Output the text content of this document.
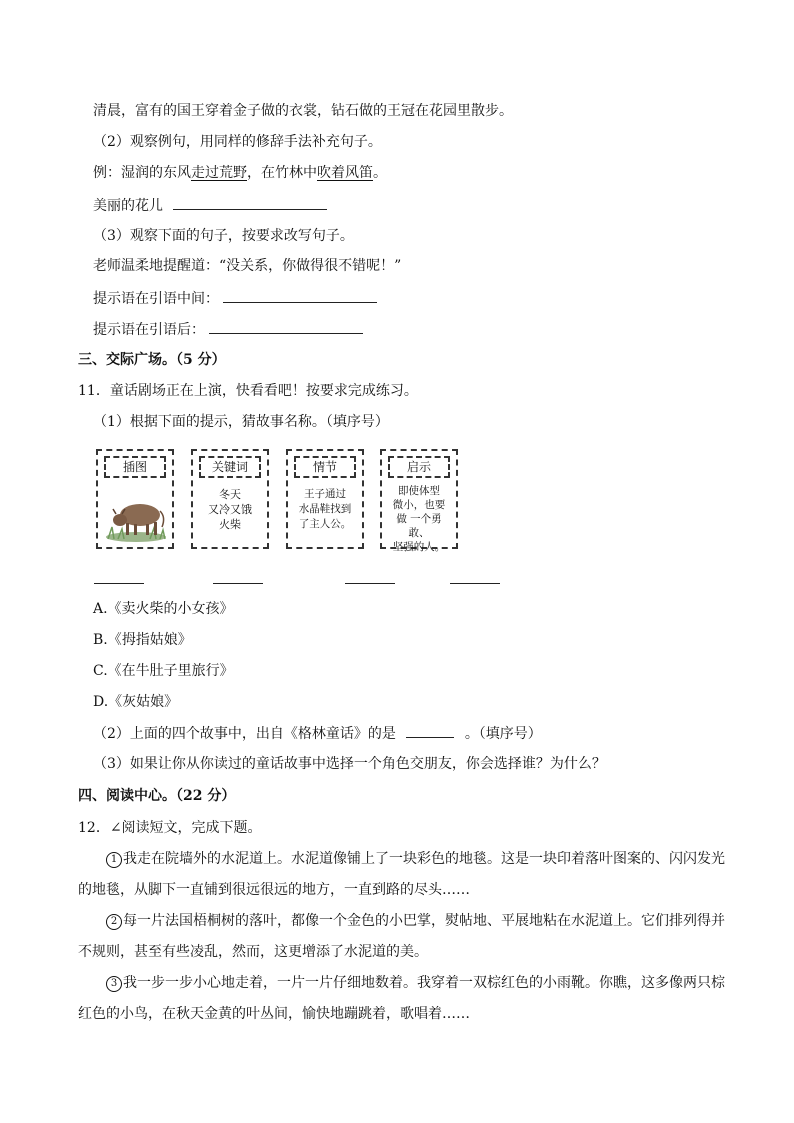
清晨，富有的国王穿着金子做的衣裳，钻石做的王冠在花园里散步。
（2）观察例句，用同样的修辞手法补充句子。
例：湿润的东风走过荒野，在竹林中吹着风笛。
美丽的花儿
（3）观察下面的句子，按要求改写句子。
老师温柔地提醒道：“没关系，你做得很不错呢！”
提示语在引语中间：
提示语在引语后：
三、交际广场。（5 分）
11．童话剧场正在上演，快看看吧！按要求完成练习。
（1）根据下面的提示，猜故事名称。（填序号）
插图	关键词
冬天
又冷又饿
火柴
情节
王子通过
水晶鞋找到
了主人公。
启示
即使体型
微小，也要
做 一个勇敢、
坚强的人。
A.《卖火柴的小女孩》
B.《拇指姑娘》
C.《在牛肚子里旅行》
D.《灰姑娘》
（2）上面的四个故事中，出自《格林童话》的是	。（填序号）
（3）如果让你从你读过的童话故事中选择一个角色交朋友，你会选择谁？为什么？
四、阅读中心。（22 分）
12．∠阅读短文，完成下题。
1 我走在院墙外的水泥道上。水泥道像铺上了一块彩色的地毯。这是一块印着落叶图案的、闪闪发光
的地毯，从脚下一直铺到很远很远的地方，一直到路的尽头……
2 每一片法国梧桐树的落叶，都像一个金色的小巴掌，熨帖地、平展地粘在水泥道上。它们排列得并
不规则，甚至有些凌乱，然而，这更增添了水泥道的美。
3 我一步一步小心地走着，一片一片仔细地数着。我穿着一双棕红色的小雨靴。你瞧，这多像两只棕
红色的小鸟，在秋天金黄的叶丛间，愉快地蹦跳着，歌唱着……
